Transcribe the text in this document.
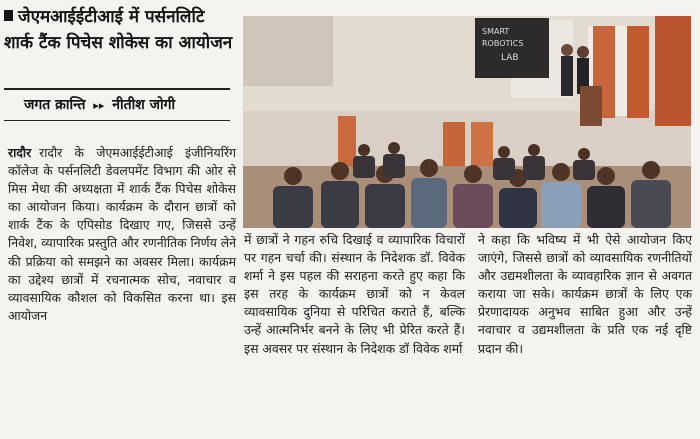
जेएमआईईटीआई में पर्सनलिटि
शार्क टैंक पिचेस शोकेस का आयोजन
जगत क्रान्ति ▸▸ नीतीश जोगी

रादौर रादौर के जेएमआईईटीआई इंजीनियरिंग कॉलेज के पर्सनलिटी डेवलपमेंट विभाग की ओर से मिस मेधा की अध्यक्षता में शार्क टैंक पिचेस शोकेस का आयोजन किया। कार्यक्रम के दौरान छात्रों को शार्क टैंक के एपिसोड दिखाए गए, जिससे उन्हें निवेश, व्यापारिक प्रस्तुति और रणनीतिक निर्णय लेने की प्रक्रिया को समझने का अवसर मिला। कार्यक्रम का उद्देश्य छात्रों में रचनात्मक सोच, नवाचार व व्यावसायिक कौशल को विकसित करना था। इस आयोजन

में छात्रों ने गहन रुचि दिखाई व व्यापारिक विचारों पर गहन चर्चा की। संस्थान के निदेशक डॉ. विवेक शर्मा ने इस पहल की सराहना करते हुए कहा कि इस तरह के कार्यक्रम छात्रों को न केवल व्यावसायिक दुनिया से परिचित कराते हैं, बल्कि उन्हें आत्मनिर्भर बनने के लिए भी प्रेरित करते हैं। इस अवसर पर संस्थान के निदेशक डॉ विवेक शर्मा

ने कहा कि भविष्य में भी ऐसे आयोजन किए जाएंगे, जिससे छात्रों को व्यावसायिक रणनीतियों और उद्यमशीलता के व्यावहारिक ज्ञान से अवगत कराया जा सके। कार्यक्रम छात्रों के लिए एक प्रेरणादायक अनुभव साबित हुआ और उन्हें नवाचार व उद्यमशीलता के प्रति एक नई दृष्टि प्रदान की।

SMART
ROBOTICS
LAB
